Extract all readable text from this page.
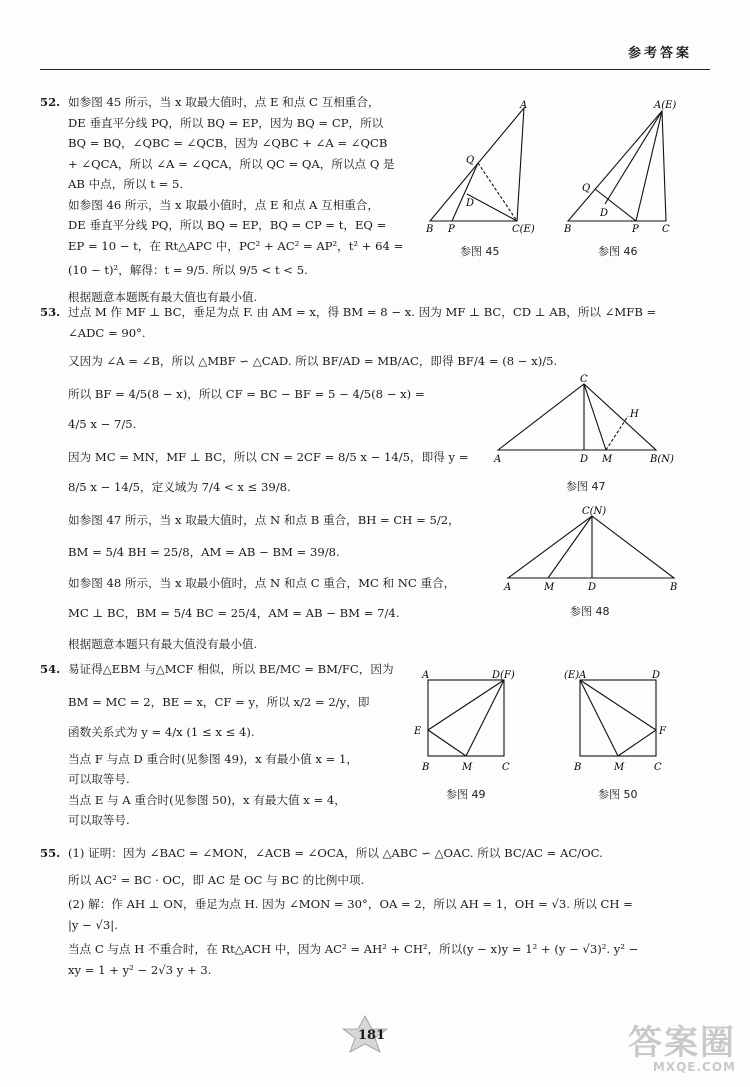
参考答案

52. 如参图 45 所示，当 x 取最大值时，点 E 和点 C 互相重合，

DE 垂直平分线 PQ，所以 BQ = EP，因为 BQ = CP，所以

BQ = BQ，∠QBC = ∠QCB，因为 ∠QBC + ∠A = ∠QCB

+ ∠QCA，所以 ∠A = ∠QCA，所以 QC = QA，所以点 Q 是

AB 中点，所以 t = 5.

如参图 46 所示，当 x 取最小值时，点 E 和点 A 互相重合，

DE 垂直平分线 PQ，所以 BQ = EP，BQ = CP = t，EQ =

EP = 10 − t，在 Rt△APC 中，PC² + AC² = AP²，t² + 64 =

(10 − t)²，解得：t = 9/5. 所以 9/5 < t < 5.

根据题意本题既有最大值也有最小值.

A
Q
D
B P	C(E)
参图 45
A(E)
Q
D
B	P C
参图 46

53. 过点 M 作 MF ⊥ BC，垂足为点 F. 由 AM = x，得 BM = 8 − x. 因为 MF ⊥ BC，CD ⊥ AB，所以 ∠MFB =

∠ADC = 90°.

又因为 ∠A = ∠B，所以 △MBF ∽ △CAD. 所以 BF/AD = MB/AC，即得 BF/4 = (8 − x)/5.

所以 BF = 4/5(8 − x)，所以 CF = BC − BF = 5 − 4/5(8 − x) =

4/5 x − 7/5.

因为 MC = MN，MF ⊥ BC，所以 CN = 2CF = 8/5 x − 14/5，即得 y =

8/5 x − 14/5，定义域为 7/4 < x ≤ 39/8.

如参图 47 所示，当 x 取最大值时，点 N 和点 B 重合，BH = CH = 5/2，

BM = 5/4 BH = 25/8，AM = AB − BM = 39/8.

如参图 48 所示，当 x 取最小值时，点 N 和点 C 重合，MC 和 NC 重合，

MC ⊥ BC，BM = 5/4 BC = 25/4，AM = AB − BM = 7/4.

根据题意本题只有最大值没有最小值.

C
H
A	D M	B(N)
参图 47
C(N)
A	M	D	B
参图 48

54. 易证得△EBM 与△MCF 相似，所以 BE/MC = BM/FC，因为

BM = MC = 2，BE = x，CF = y，所以 x/2 = 2/y，即

函数关系式为 y = 4/x (1 ≤ x ≤ 4).

当点 F 与点 D 重合时(见参图 49)，x 有最小值 x = 1，

可以取等号.

当点 E 与 A 重合时(见参图 50)，x 有最大值 x = 4，

可以取等号.

A	D(F)
E
B	M	C
参图 49
(E)A	D
F
B	M	C
参图 50

55. (1) 证明：因为 ∠BAC = ∠MON，∠ACB = ∠OCA，所以 △ABC ∽ △OAC. 所以 BC/AC = AC/OC.

所以 AC² = BC · OC，即 AC 是 OC 与 BC 的比例中项.

(2) 解：作 AH ⊥ ON，垂足为点 H. 因为 ∠MON = 30°，OA = 2，所以 AH = 1，OH = √3. 所以 CH =

|y − √3|.

当点 C 与点 H 不重合时，在 Rt△ACH 中，因为 AC² = AH² + CH²，所以(y − x)y = 1² + (y − √3)². y² −

xy = 1 + y² − 2√3 y + 3.

181	答案圈
MXQE.COM
